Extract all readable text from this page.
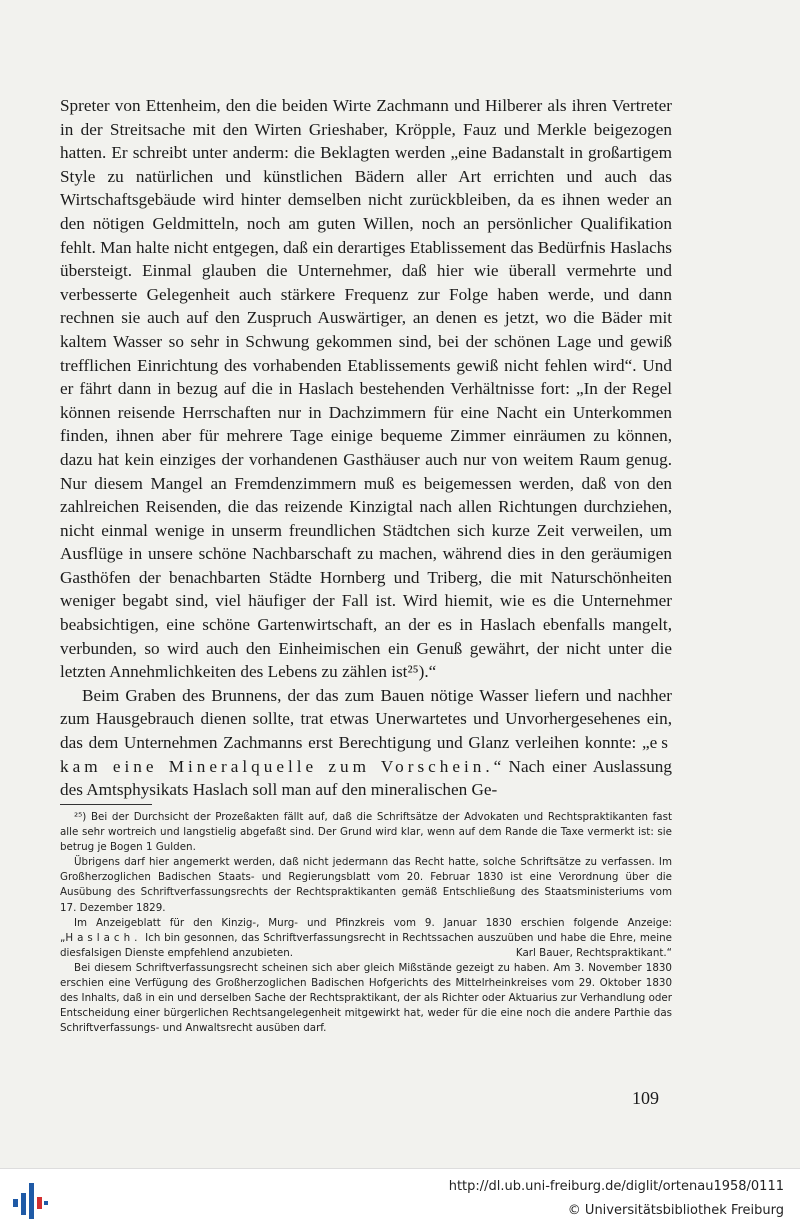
Spreter von Ettenheim, den die beiden Wirte Zachmann und Hilberer als ihren Vertreter in der Streitsache mit den Wirten Grieshaber, Kröpple, Fauz und Merkle beigezogen hatten. Er schreibt unter anderm: die Beklagten werden „eine Badanstalt in großartigem Style zu natürlichen und künstlichen Bädern aller Art errichten und auch das Wirtschaftsgebäude wird hinter demselben nicht zurückbleiben, da es ihnen weder an den nötigen Geldmitteln, noch am guten Willen, noch an persönlicher Qualifikation fehlt. Man halte nicht entgegen, daß ein derartiges Etablissement das Bedürfnis Haslachs übersteigt. Einmal glauben die Unternehmer, daß hier wie überall vermehrte und verbesserte Gelegenheit auch stärkere Frequenz zur Folge haben werde, und dann rechnen sie auch auf den Zuspruch Auswärtiger, an denen es jetzt, wo die Bäder mit kaltem Wasser so sehr in Schwung gekommen sind, bei der schönen Lage und gewiß trefflichen Einrichtung des vorhabenden Etablissements gewiß nicht fehlen wird“. Und er fährt dann in bezug auf die in Haslach bestehenden Verhältnisse fort: „In der Regel können reisende Herrschaften nur in Dachzimmern für eine Nacht ein Unterkommen finden, ihnen aber für mehrere Tage einige bequeme Zimmer einräumen zu können, dazu hat kein einziges der vorhandenen Gasthäuser auch nur von weitem Raum genug. Nur diesem Mangel an Fremdenzimmern muß es beigemessen werden, daß von den zahlreichen Reisenden, die das reizende Kinzigtal nach allen Richtungen durchziehen, nicht einmal wenige in unserm freundlichen Städtchen sich kurze Zeit verweilen, um Ausflüge in unsere schöne Nachbarschaft zu machen, während dies in den geräumigen Gasthöfen der benachbarten Städte Hornberg und Triberg, die mit Naturschönheiten weniger begabt sind, viel häufiger der Fall ist. Wird hiemit, wie es die Unternehmer beabsichtigen, eine schöne Gartenwirtschaft, an der es in Haslach ebenfalls mangelt, verbunden, so wird auch den Einheimischen ein Genuß gewährt, der nicht unter die letzten Annehmlichkeiten des Lebens zu zählen ist²⁵).“

Beim Graben des Brunnens, der das zum Bauen nötige Wasser liefern und nachher zum Hausgebrauch dienen sollte, trat etwas Unerwartetes und Unvorhergesehenes ein, das dem Unternehmen Zachmanns erst Berechtigung und Glanz verleihen konnte: „es kam eine Mineralquelle zum Vorschein.“ Nach einer Auslassung des Amtsphysikats Haslach soll man auf den mineralischen Ge-

²⁵) Bei der Durchsicht der Prozeßakten fällt auf, daß die Schriftsätze der Advokaten und Rechtspraktikanten fast alle sehr wortreich und langstielig abgefaßt sind. Der Grund wird klar, wenn auf dem Rande die Taxe vermerkt ist: sie betrug je Bogen 1 Gulden.

Übrigens darf hier angemerkt werden, daß nicht jedermann das Recht hatte, solche Schriftsätze zu verfassen. Im Großherzoglichen Badischen Staats- und Regierungsblatt vom 20. Februar 1830 ist eine Verordnung über die Ausübung des Schriftverfassungsrechts der Rechtspraktikanten gemäß Entschließung des Staatsministeriums vom 17. Dezember 1829.

Im Anzeigeblatt für den Kinzig-, Murg- und Pfinzkreis vom 9. Januar 1830 erschien folgende Anzeige: „Haslach. Ich bin gesonnen, das Schriftverfassungsrecht in Rechtssachen auszuüben und habe die Ehre, meine diesfalsigen Dienste empfehlend anzubieten.	Karl Bauer, Rechtspraktikant.“

Bei diesem Schriftverfassungsrecht scheinen sich aber gleich Mißstände gezeigt zu haben. Am 3. November 1830 erschien eine Verfügung des Großherzoglichen Badischen Hofgerichts des Mittelrheinkreises vom 29. Oktober 1830 des Inhalts, daß in ein und derselben Sache der Rechtspraktikant, der als Richter oder Aktuarius zur Verhandlung oder Entscheidung einer bürgerlichen Rechtsangelegenheit mitgewirkt hat, weder für die eine noch die andere Parthie das Schriftverfassungs- und Anwaltsrecht ausüben darf.

109
http://dl.ub.uni-freiburg.de/diglit/ortenau1958/0111
© Universitätsbibliothek Freiburg
